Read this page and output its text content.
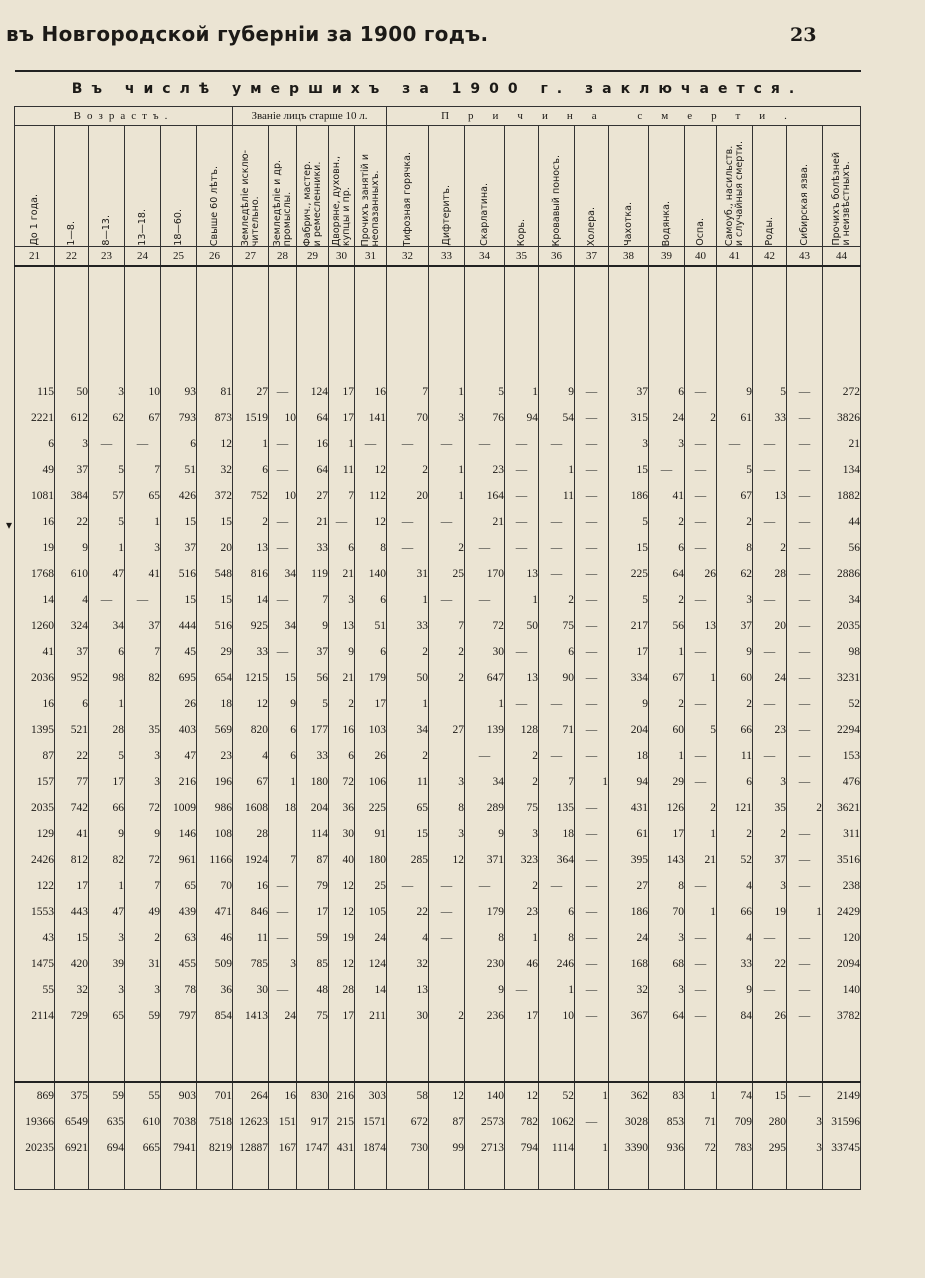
въ Новгородской губерніи за 1900 годъ.	23
Въ числѣ умершихъ за 1900 г. заключается.																							
Возрастъ.						Званіе лицъ старше 10 л.					Причина смерти.												

До 1 года.	1—8.	8—13.	13—18.	18—60.	Свыше 60 лѣтъ.	Земледѣліе исклю-
чительно.	Земледѣліе и др.
промыслы.	Фабрич., мастер.
и ремесленники.	Дворяне, духовн.,
купцы и пр.	Прочихъ занятій и
неопазанныхъ.	Тифозная горячка.	Дифтеритъ.	Скарлатина.	Корь.	Кровавый поносъ.	Холера.	Чахотка.	Водянка.	Оспа.	Самоуб., насильств.
и случайныя смерти.	Роды.	Сибирская язва.	Прочихъ болѣзней
и неизвѣстныхъ.

21	22	23	24	25	26	27	28	29	30	31	32	33	34	35	36	37	38	39	40	41	42	43	44

115	50	3	10	93	81	27	—	124	17	16	7	1	5	1	9	—	37	6	—	9	5	—	272
2221	612	62	67	793	873	1519	10	64	17	141	70	3	76	94	54	—	315	24	2	61	33	—	3826
6	3	—	—	6	12	1	—	16	1	—	—	—	—	—	—	—	3	3	—	—	—	—	21
49	37	5	7	51	32	6	—	64	11	12	2	1	23	—	1	—	15	—	—	5	—	—	134
1081	384	57	65	426	372	752	10	27	7	112	20	1	164	—	11	—	186	41	—	67	13	—	1882
16	22	5	1	15	15	2	—	21	—	12	—	—	21	—	—	—	5	2	—	2	—	—	44
19	9	1	3	37	20	13	—	33	6	8	—	2	—	—	—	—	15	6	—	8	2	—	56
1768	610	47	41	516	548	816	34	119	21	140	31	25	170	13	—	—	225	64	26	62	28	—	2886
14	4	—	—	15	15	14	—	7	3	6	1	—	—	1	2	—	5	2	—	3	—	—	34
1260	324	34	37	444	516	925	34	9	13	51	33	7	72	50	75	—	217	56	13	37	20	—	2035
41	37	6	7	45	29	33	—	37	9	6	2	2	30	—	6	—	17	1	—	9	—	—	98
2036	952	98	82	695	654	1215	15	56	21	179	50	2	647	13	90	—	334	67	1	60	24	—	3231
16	6	1		26	18	12	9	5	2	17	1		1	—	—	—	9	2	—	2	—	—	52
1395	521	28	35	403	569	820	6	177	16	103	34	27	139	128	71	—	204	60	5	66	23	—	2294
87	22	5	3	47	23	4	6	33	6	26	2		—	2	—	—	18	1	—	11	—	—	153
157	77	17	3	216	196	67	1	180	72	106	11	3	34	2	7	1	94	29	—	6	3	—	476
2035	742	66	72	1009	986	1608	18	204	36	225	65	8	289	75	135	—	431	126	2	121	35	2	3621
129	41	9	9	146	108	28		114	30	91	15	3	9	3	18	—	61	17	1	2	2	—	311
2426	812	82	72	961	1166	1924	7	87	40	180	285	12	371	323	364	—	395	143	21	52	37	—	3516
122	17	1	7	65	70	16	—	79	12	25	—	—	—	2	—	—	27	8	—	4	3	—	238
1553	443	47	49	439	471	846	—	17	12	105	22	—	179	23	6	—	186	70	1	66	19	1	2429
43	15	3	2	63	46	11	—	59	19	24	4	—	8	1	8	—	24	3	—	4	—	—	120
1475	420	39	31	455	509	785	3	85	12	124	32		230	46	246	—	168	68	—	33	22	—	2094
55	32	3	3	78	36	30	—	48	28	14	13		9	—	1	—	32	3	—	9	—	—	140
2114	729	65	59	797	854	1413	24	75	17	211	30	2	236	17	10	—	367	64	—	84	26	—	3782

869	375	59	55	903	701	264	16	830	216	303	58	12	140	12	52	1	362	83	1	74	15	—	2149
19366	6549	635	610	7038	7518	12623	151	917	215	1571	672	87	2573	782	1062	—	3028	853	71	709	280	3	31596
20235	6921	694	665	7941	8219	12887	167	1747	431	1874	730	99	2713	794	1114	1	3390	936	72	783	295	3	33745

▾
